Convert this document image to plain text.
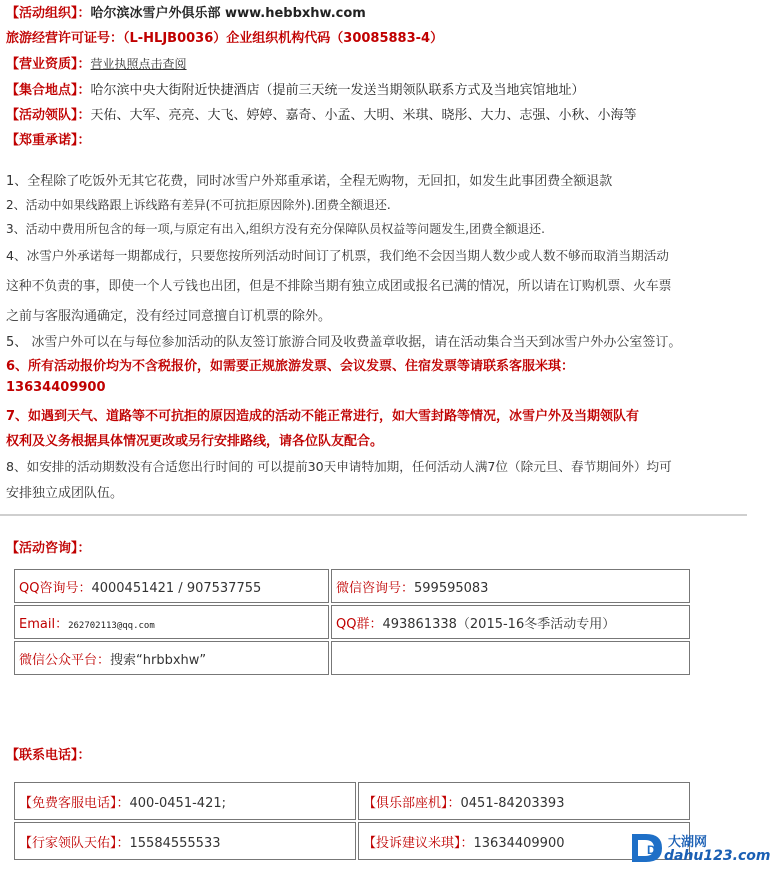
【活动组织】：哈尔滨冰雪户外俱乐部 www.hebbxhw.com
旅游经营许可证号：（L-HLJB0036）企业组织机构代码（30085883-4）
【营业资质】：营业执照点击查阅
【集合地点】：哈尔滨中央大街附近快捷酒店（提前三天统一发送当期领队联系方式及当地宾馆地址）
【活动领队】：天佑、大军、亮亮、大飞、婷婷、嘉奇、小孟、大明、米琪、晓彤、大力、志强、小秋、小海等
【郑重承诺】：
1、全程除了吃饭外无其它花费，同时冰雪户外郑重承诺，全程无购物，无回扣，如发生此事团费全额退款
2、活动中如果线路跟上诉线路有差异(不可抗拒原因除外).团费全额退还.
3、活动中费用所包含的每一项,与原定有出入,组织方没有充分保障队员权益等问题发生,团费全额退还.
4、冰雪户外承诺每一期都成行，只要您按所列活动时间订了机票，我们绝不会因当期人数少或人数不够而取消当期活动
这种不负责的事，即使一个人亏钱也出团，但是不排除当期有独立成团或报名已满的情况，所以请在订购机票、火车票
之前与客服沟通确定，没有经过同意擅自订机票的除外。
5、 冰雪户外可以在与每位参加活动的队友签订旅游合同及收费盖章收据，请在活动集合当天到冰雪户外办公室签订。
6、所有活动报价均为不含税报价，如需要正规旅游发票、会议发票、住宿发票等请联系客服米琪：
13634409900
7、如遇到天气、道路等不可抗拒的原因造成的活动不能正常进行，如大雪封路等情况，冰雪户外及当期领队有
权利及义务根据具体情况更改或另行安排路线，请各位队友配合。
8、如安排的活动期数没有合适您出行时间的 可以提前30天申请特加期，任何活动人满7位（除元旦、春节期间外）均可
安排独立成团队伍。
【活动咨询】：
QQ咨询号：4000451421 / 907537755	微信咨询号：599595083
Email：262702113@qq.com	QQ群：493861338（2015-16冬季活动专用）
微信公众平台：搜索“hrbbxhw”	
【联系电话】：
【免费客服电话】：400-0451-421;	【俱乐部座机】：0451-84203393
【行家领队天佑】：15584555533	【投诉建议米琪】：13634409900	D 大湖网
dahu123.com
